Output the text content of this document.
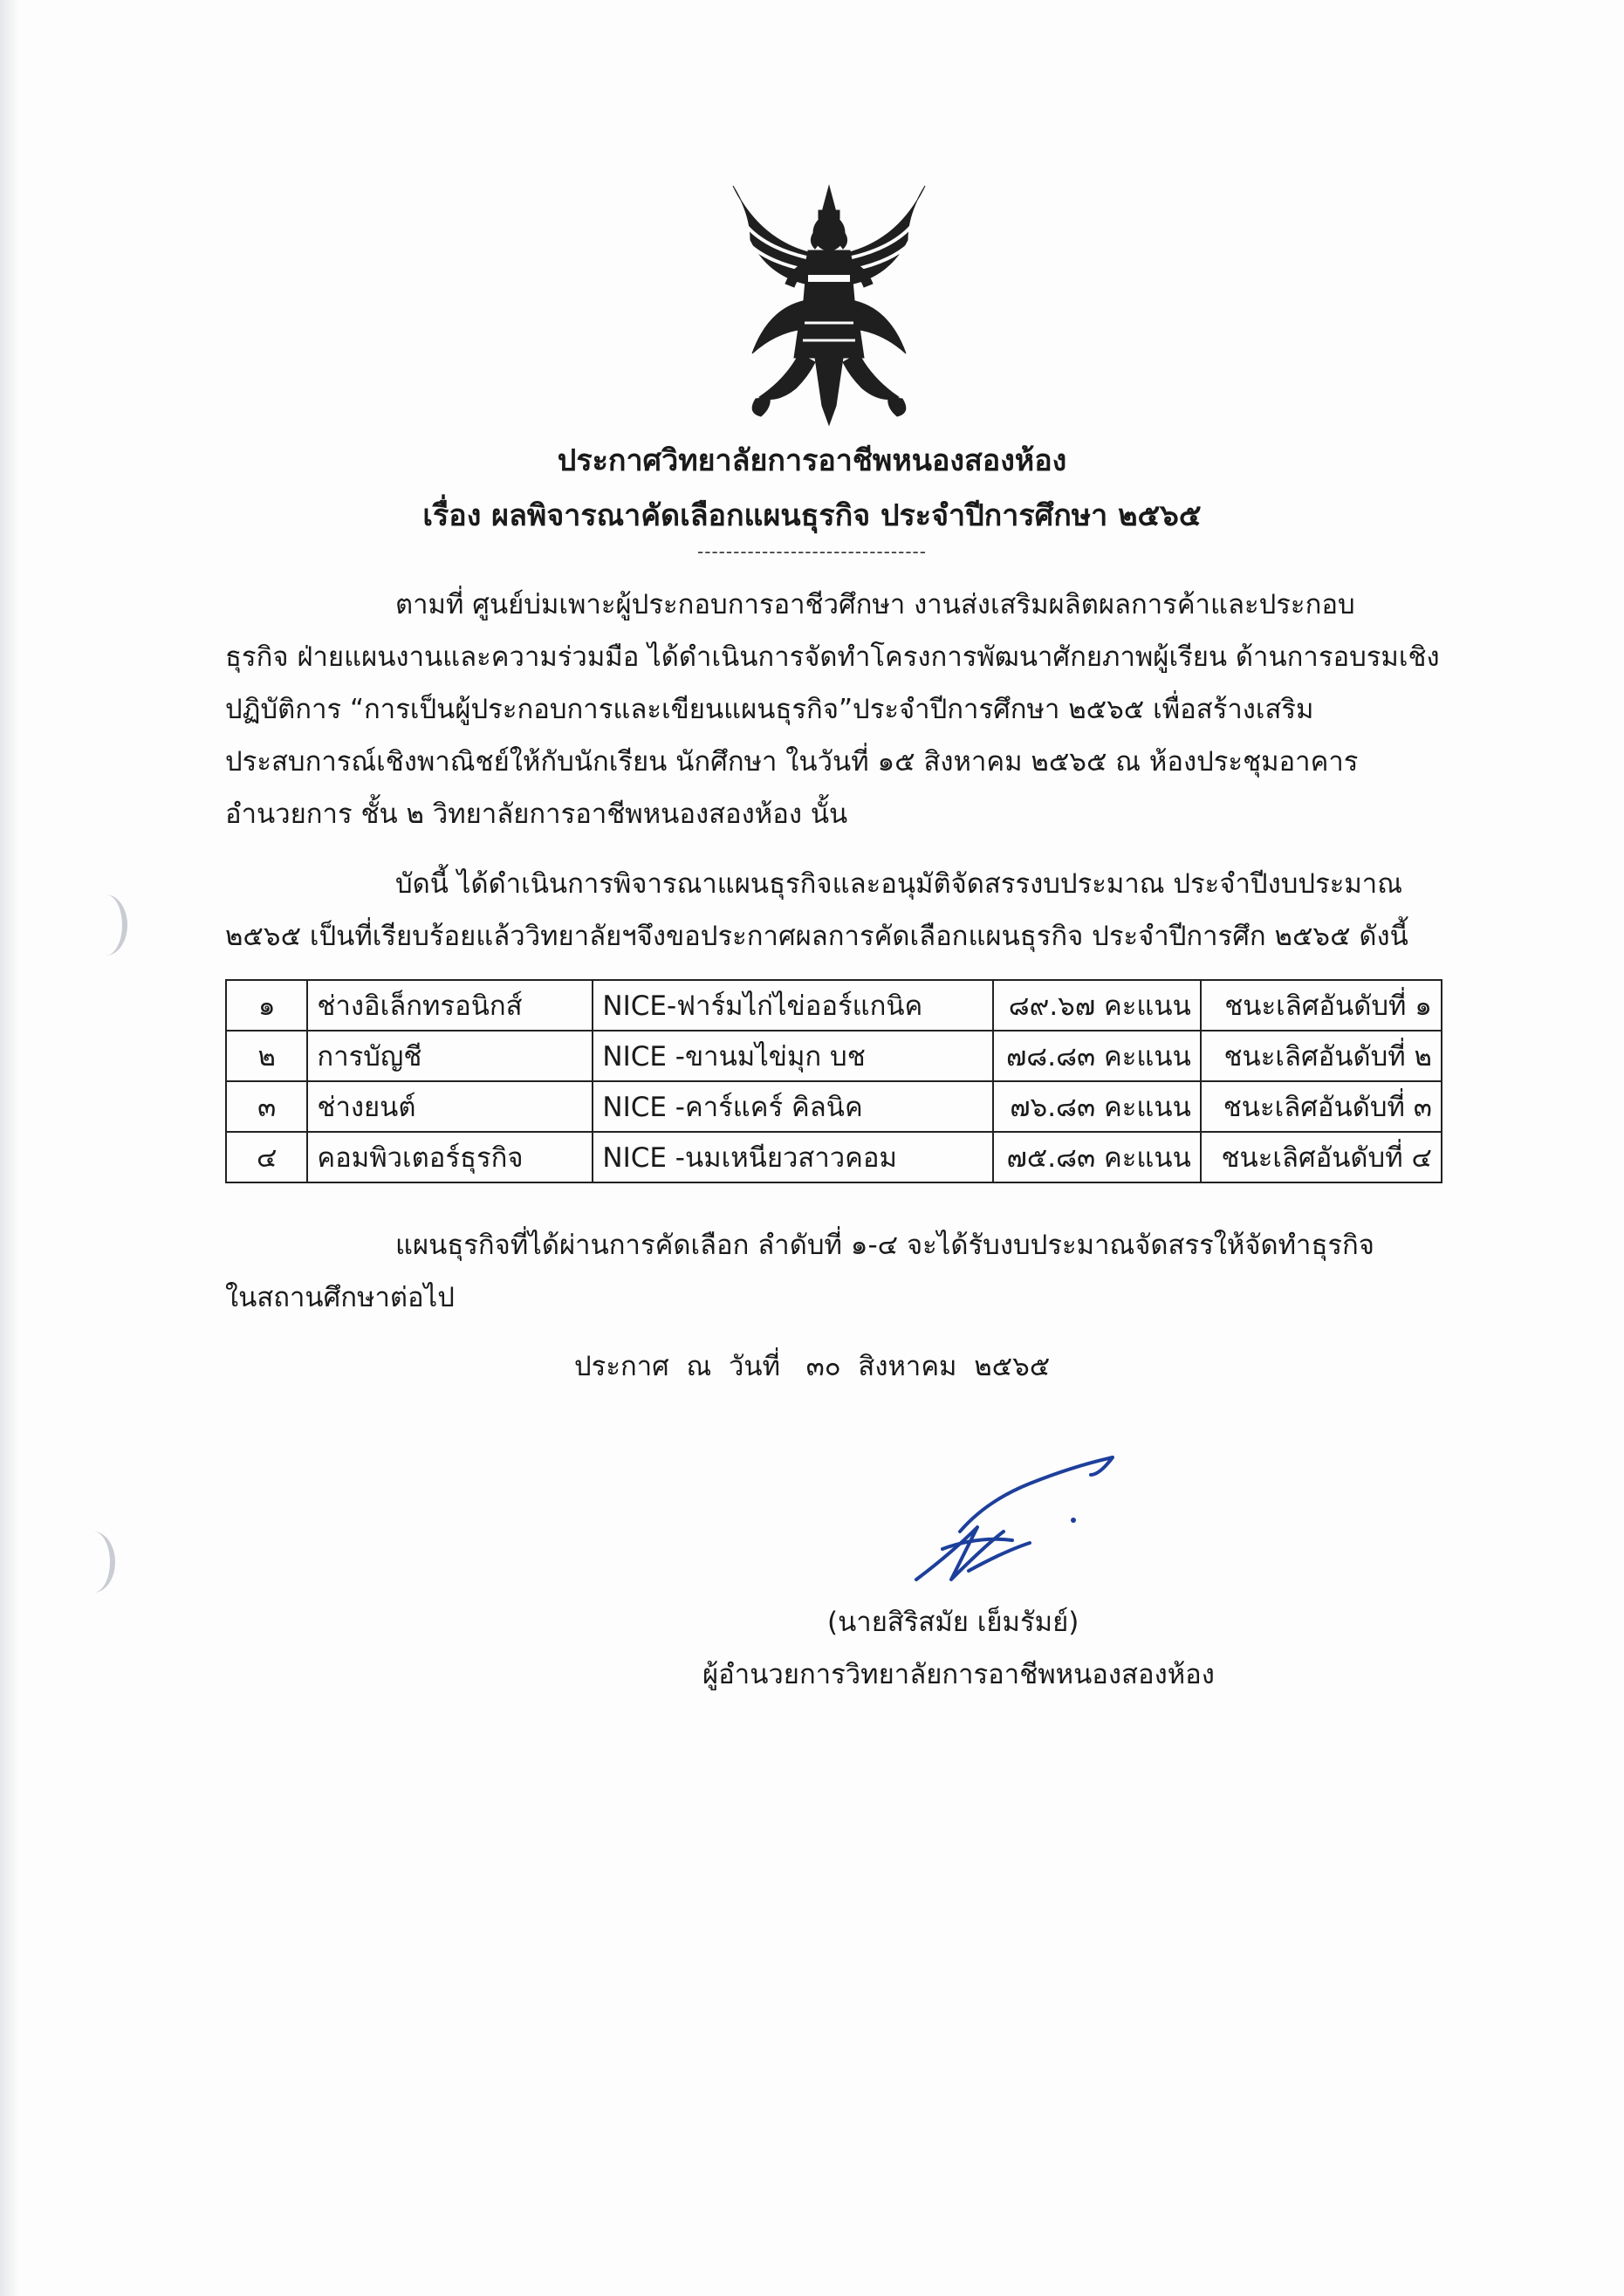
ประกาศวิทยาลัยการอาชีพหนองสองห้อง
เรื่อง ผลพิจารณาคัดเลือกแผนธุรกิจ ประจำปีการศึกษา ๒๕๖๕
--------------------------------
ตามที่ ศูนย์บ่มเพาะผู้ประกอบการอาชีวศึกษา งานส่งเสริมผลิตผลการค้าและประกอบ
ธุรกิจ ฝ่ายแผนงานและความร่วมมือ ได้ดำเนินการจัดทำโครงการพัฒนาศักยภาพผู้เรียน ด้านการอบรมเชิง
ปฏิบัติการ “การเป็นผู้ประกอบการและเขียนแผนธุรกิจ”ประจำปีการศึกษา ๒๕๖๕ เพื่อสร้างเสริม
ประสบการณ์เชิงพาณิชย์ให้กับนักเรียน นักศึกษา ในวันที่ ๑๕ สิงหาคม ๒๕๖๕ ณ ห้องประชุมอาคาร
อำนวยการ ชั้น ๒ วิทยาลัยการอาชีพหนองสองห้อง นั้น
บัดนี้ ได้ดำเนินการพิจารณาแผนธุรกิจและอนุมัติจัดสรรงบประมาณ ประจำปีงบประมาณ
๒๕๖๕ เป็นที่เรียบร้อยแล้ววิทยาลัยฯจึงขอประกาศผลการคัดเลือกแผนธุรกิจ ประจำปีการศึก ๒๕๖๕ ดังนี้
๑	ช่างอิเล็กทรอนิกส์	NICE-ฟาร์มไก่ไข่ออร์แกนิค	๘๙.๖๗ คะแนน	ชนะเลิศอันดับที่ ๑
๒	การบัญชี	NICE -ขานมไข่มุก บช	๗๘.๘๓ คะแนน	ชนะเลิศอันดับที่ ๒
๓	ช่างยนต์	NICE -คาร์แคร์ คิลนิค	๗๖.๘๓ คะแนน	ชนะเลิศอันดับที่ ๓
๔	คอมพิวเตอร์ธุรกิจ	NICE -นมเหนียวสาวคอม	๗๕.๘๓ คะแนน	ชนะเลิศอันดับที่ ๔
แผนธุรกิจที่ได้ผ่านการคัดเลือก ลำดับที่ ๑-๔ จะได้รับงบประมาณจัดสรรให้จัดทำธุรกิจ
ในสถานศึกษาต่อไป
ประกาศ  ณ  วันที่   ๓๐  สิงหาคม  ๒๕๖๕
(นายสิริสมัย เย็มรัมย์)
ผู้อำนวยการวิทยาลัยการอาชีพหนองสองห้อง
